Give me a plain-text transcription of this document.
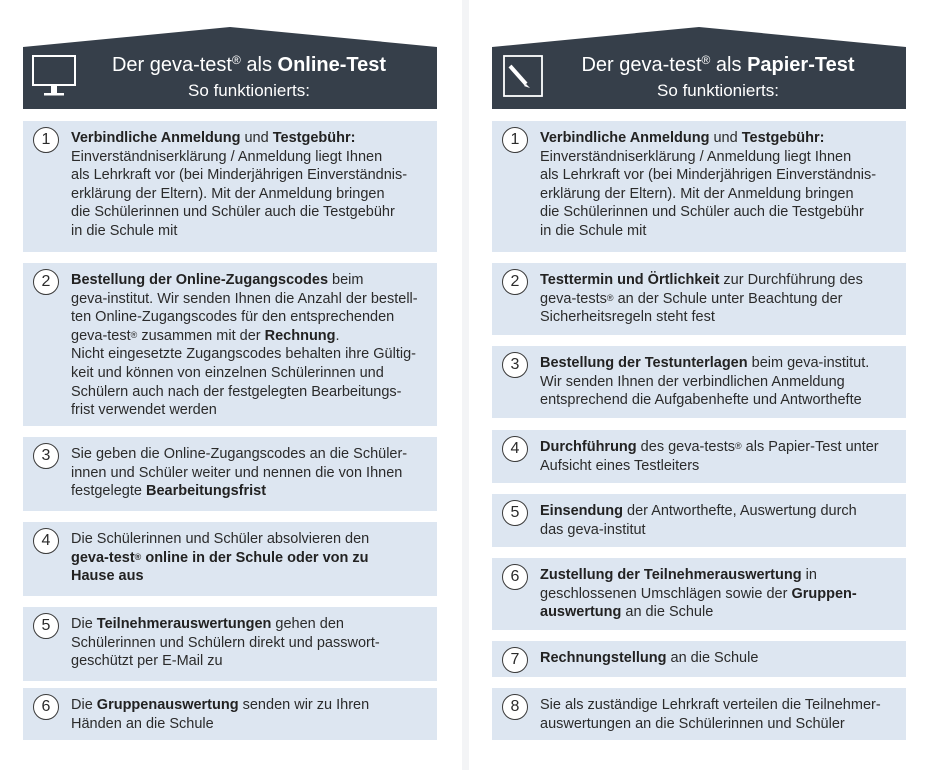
Der geva-test® als Online-Test
So funktionierts:
1	Verbindliche Anmeldung und Testgebühr:
Einverständniserklärung / Anmeldung liegt Ihnen
als Lehrkraft vor (bei Minderjährigen Einverständnis-
erklärung der Eltern). Mit der Anmeldung bringen
die Schülerinnen und Schüler auch die Testgebühr
in die Schule mit
2	Bestellung der Online-Zugangscodes beim
geva-institut. Wir senden Ihnen die Anzahl der bestell-
ten Online-Zugangscodes für den entsprechenden
geva-test® zusammen mit der Rechnung.
Nicht eingesetzte Zugangscodes behalten ihre Gültig-
keit und können von einzelnen Schülerinnen und
Schülern auch nach der festgelegten Bearbeitungs-
frist verwendet werden
3	Sie geben die Online-Zugangscodes an die Schüler-
innen und Schüler weiter und nennen die von Ihnen
festgelegte Bearbeitungsfrist
4	Die Schülerinnen und Schüler absolvieren den
geva-test® online in der Schule oder von zu
Hause aus
5	Die Teilnehmerauswertungen gehen den
Schülerinnen und Schülern direkt und passwort-
geschützt per E-Mail zu
6	Die Gruppenauswertung senden wir zu Ihren
Händen an die Schule
Der geva-test® als Papier-Test
So funktionierts:
1	Verbindliche Anmeldung und Testgebühr:
Einverständniserklärung / Anmeldung liegt Ihnen
als Lehrkraft vor (bei Minderjährigen Einverständnis-
erklärung der Eltern). Mit der Anmeldung bringen
die Schülerinnen und Schüler auch die Testgebühr
in die Schule mit
2	Testtermin und Örtlichkeit zur Durchführung des
geva-tests® an der Schule unter Beachtung der
Sicherheitsregeln steht fest
3	Bestellung der Testunterlagen beim geva-institut.
Wir senden Ihnen der verbindlichen Anmeldung
entsprechend die Aufgabenhefte und Antworthefte
4	Durchführung des geva-tests® als Papier-Test unter
Aufsicht eines Testleiters
5	Einsendung der Antworthefte, Auswertung durch
das geva-institut
6	Zustellung der Teilnehmerauswertung in
geschlossenen Umschlägen sowie der Gruppen-
auswertung an die Schule
7	Rechnungstellung an die Schule
8	Sie als zuständige Lehrkraft verteilen die Teilnehmer-
auswertungen an die Schülerinnen und Schüler
